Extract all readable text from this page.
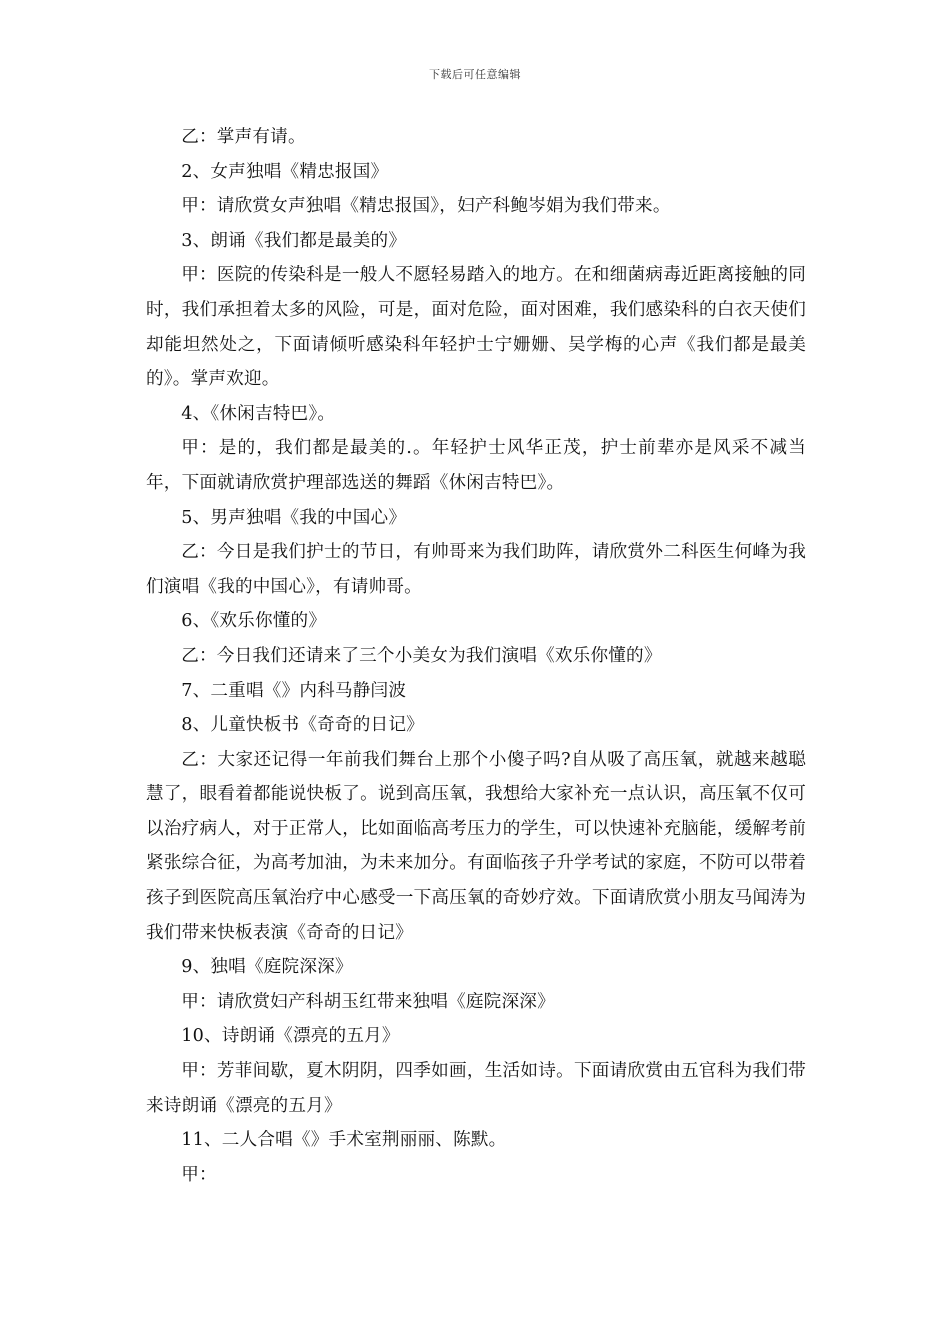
下载后可任意编辑

乙：掌声有请。

2、女声独唱《精忠报国》

甲：请欣赏女声独唱《精忠报国》，妇产科鲍岑娟为我们带来。

3、朗诵《我们都是最美的》

甲：医院的传染科是一般人不愿轻易踏入的地方。在和细菌病毒近距离接触的同时，我们承担着太多的风险，可是，面对危险，面对困难，我们感染科的白衣天使们却能坦然处之，下面请倾听感染科年轻护士宁姗姗、吴学梅的心声《我们都是最美的》。掌声欢迎。

4、《休闲吉特巴》。

甲：是的，我们都是最美的.。年轻护士风华正茂，护士前辈亦是风采不减当年，下面就请欣赏护理部选送的舞蹈《休闲吉特巴》。

5、男声独唱《我的中国心》

乙：今日是我们护士的节日，有帅哥来为我们助阵，请欣赏外二科医生何峰为我们演唱《我的中国心》，有请帅哥。

6、《欢乐你懂的》

乙：今日我们还请来了三个小美女为我们演唱《欢乐你懂的》

7、二重唱《》内科马静闫波

8、儿童快板书《奇奇的日记》

乙：大家还记得一年前我们舞台上那个小傻子吗?自从吸了高压氧，就越来越聪慧了，眼看着都能说快板了。说到高压氧，我想给大家补充一点认识，高压氧不仅可以治疗病人，对于正常人，比如面临高考压力的学生，可以快速补充脑能，缓解考前紧张综合征，为高考加油，为未来加分。有面临孩子升学考试的家庭，不防可以带着孩子到医院高压氧治疗中心感受一下高压氧的奇妙疗效。下面请欣赏小朋友马闻涛为我们带来快板表演《奇奇的日记》

9、独唱《庭院深深》

甲：请欣赏妇产科胡玉红带来独唱《庭院深深》

10、诗朗诵《漂亮的五月》

甲：芳菲间歇，夏木阴阴，四季如画，生活如诗。下面请欣赏由五官科为我们带来诗朗诵《漂亮的五月》

11、二人合唱《》手术室荆丽丽、陈默。

甲：
